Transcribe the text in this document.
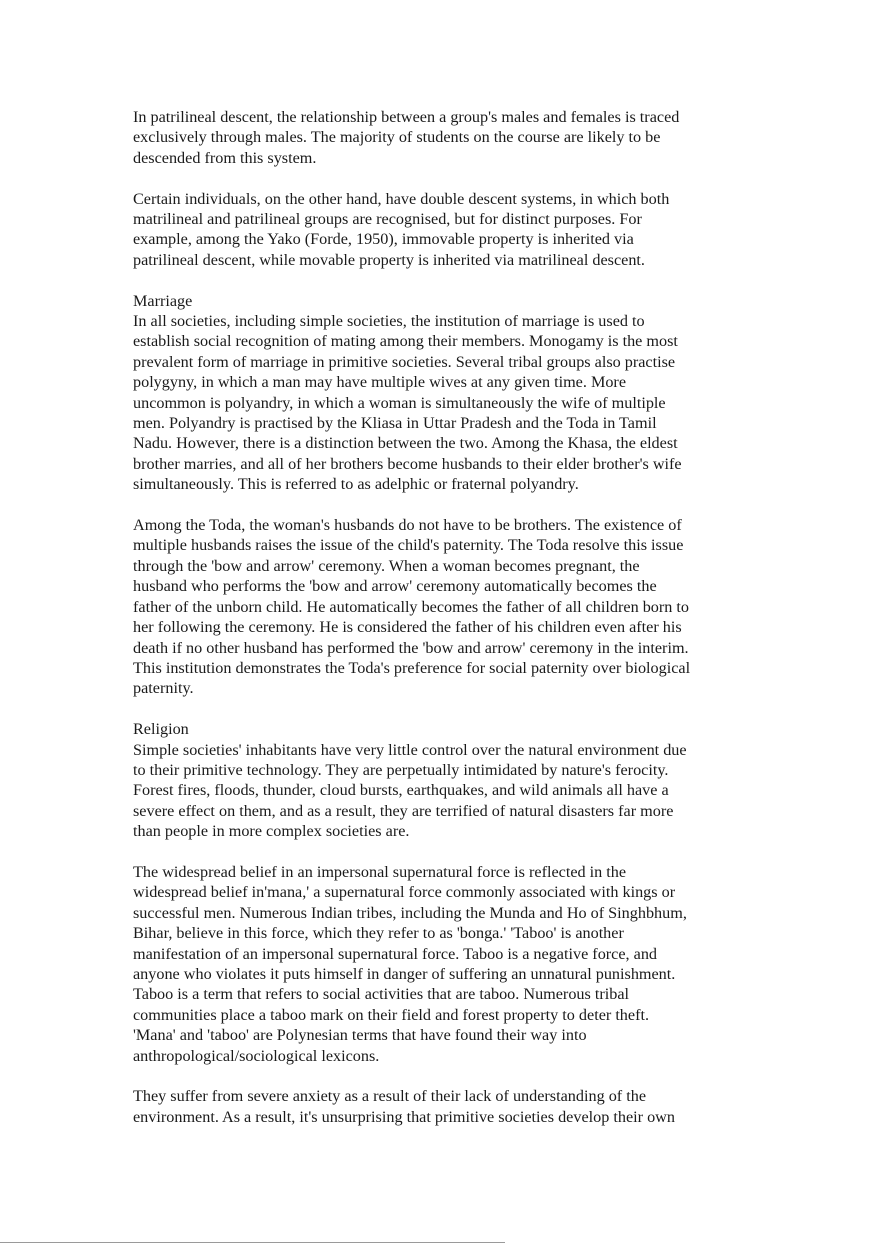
In patrilineal descent, the relationship between a group's males and females is traced
exclusively through males. The majority of students on the course are likely to be
descended from this system.

Certain individuals, on the other hand, have double descent systems, in which both
matrilineal and patrilineal groups are recognised, but for distinct purposes. For
example, among the Yako (Forde, 1950), immovable property is inherited via
patrilineal descent, while movable property is inherited via matrilineal descent.

Marriage
In all societies, including simple societies, the institution of marriage is used to
establish social recognition of mating among their members. Monogamy is the most
prevalent form of marriage in primitive societies. Several tribal groups also practise
polygyny, in which a man may have multiple wives at any given time. More
uncommon is polyandry, in which a woman is simultaneously the wife of multiple
men. Polyandry is practised by the Kliasa in Uttar Pradesh and the Toda in Tamil
Nadu. However, there is a distinction between the two. Among the Khasa, the eldest
brother marries, and all of her brothers become husbands to their elder brother's wife
simultaneously. This is referred to as adelphic or fraternal polyandry.

Among the Toda, the woman's husbands do not have to be brothers. The existence of
multiple husbands raises the issue of the child's paternity. The Toda resolve this issue
through the 'bow and arrow' ceremony. When a woman becomes pregnant, the
husband who performs the 'bow and arrow' ceremony automatically becomes the
father of the unborn child. He automatically becomes the father of all children born to
her following the ceremony. He is considered the father of his children even after his
death if no other husband has performed the 'bow and arrow' ceremony in the interim.
This institution demonstrates the Toda's preference for social paternity over biological
paternity.

Religion
Simple societies' inhabitants have very little control over the natural environment due
to their primitive technology. They are perpetually intimidated by nature's ferocity.
Forest fires, floods, thunder, cloud bursts, earthquakes, and wild animals all have a
severe effect on them, and as a result, they are terrified of natural disasters far more
than people in more complex societies are.

The widespread belief in an impersonal supernatural force is reflected in the
widespread belief in'mana,' a supernatural force commonly associated with kings or
successful men. Numerous Indian tribes, including the Munda and Ho of Singhbhum,
Bihar, believe in this force, which they refer to as 'bonga.' 'Taboo' is another
manifestation of an impersonal supernatural force. Taboo is a negative force, and
anyone who violates it puts himself in danger of suffering an unnatural punishment.
Taboo is a term that refers to social activities that are taboo. Numerous tribal
communities place a taboo mark on their field and forest property to deter theft.
'Mana' and 'taboo' are Polynesian terms that have found their way into
anthropological/sociological lexicons.

They suffer from severe anxiety as a result of their lack of understanding of the
environment. As a result, it's unsurprising that primitive societies develop their own
